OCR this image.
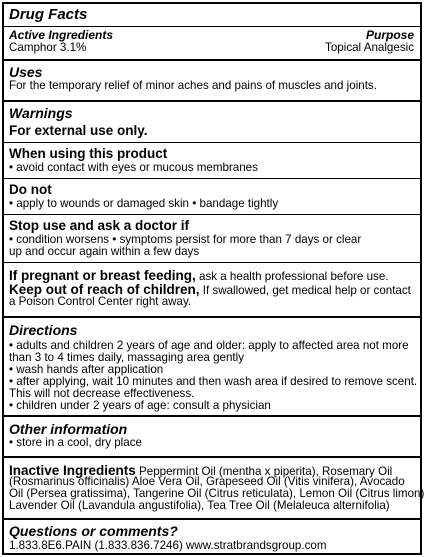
Drug Facts
Active Ingredients	Purpose
Camphor 3.1%	Topical Analgesic
Uses
For the temporary relief of minor aches and pains of muscles and joints.
Warnings
For external use only.
When using this product
• avoid contact with eyes or mucous membranes
Do not
• apply to wounds or damaged skin • bandage tightly
Stop use and ask a doctor if
• condition worsens • symptoms persist for more than 7 days or clear
up and occur again within a few days
If pregnant or breast feeding, ask a health professional before use.
Keep out of reach of children, If swallowed, get medical help or contact
a Poison Control Center right away.
Directions
• adults and children 2 years of age and older: apply to affected area not more
than 3 to 4 times daily, massaging area gently
• wash hands after application
• after applying, wait 10 minutes and then wash area if desired to remove scent.
This will not decrease effectiveness.
• children under 2 years of age: consult a physician
Other information
• store in a cool, dry place
Inactive Ingredients Peppermint Oil (mentha x piperita), Rosemary Oil
(Rosmarinus officinalis) Aloe Vera Oil, Grapeseed Oil (Vitis vinifera), Avocado
Oil (Persea gratissima), Tangerine Oil (Citrus reticulata), Lemon Oil (Citrus limon)
Lavender Oil (Lavandula angustifolia), Tea Tree Oil (Melaleuca alternifolia)
Questions or comments?
1.833.8E6.PAIN (1.833.836.7246) www.stratbrandsgroup.com
